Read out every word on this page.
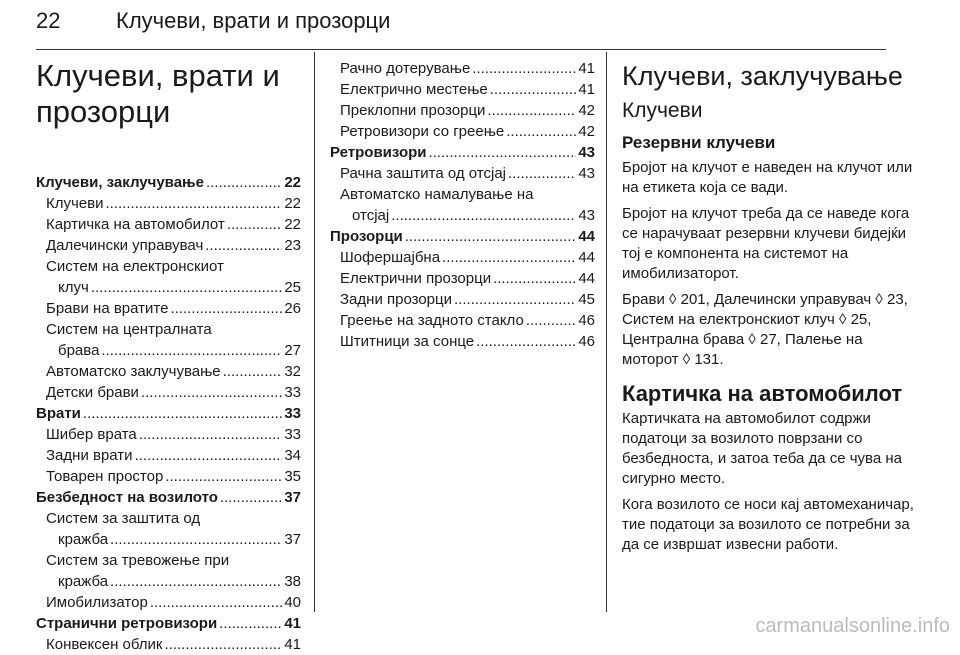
22	Клучеви, врати и прозорци
Клучеви, врати и
прозорци
Клучеви, заклучување .....	22
Клучеви .....	22
Картичка на автомобилот .....	22
Далечински управувач .....	23
Систем на електронскиот
клуч .....	25
Брави на вратите .....	26
Систем на централната
брава .....	27
Автоматско заклучување .....	32
Детски брави .....	33
Врати .....	33
Шибер врата .....	33
Задни врати .....	34
Товарен простор .....	35
Безбедност на возилото .....	37
Систем за заштита од
кражба .....	37
Систем за тревожење при
кражба .....	38
Имобилизатор .....	40
Странични ретровизори .....	41
Конвексен облик .....	41
Рачно дотерување .....	41
Електрично местење .....	41
Преклопни прозорци .....	42
Ретровизори со греење .....	42
Ретровизори .....	43
Рачна заштита од отсјај .....	43
Автоматско намалување на
отсјај .....	43
Прозорци .....	44
Шофершајбна .....	44
Електрични прозорци .....	44
Задни прозорци .....	45
Греење на задното стакло .....	46
Штитници за сонце .....	46
Клучеви, заклучување
Клучеви
Резервни клучеви

Бројот на клучот е наведен на клучот или на етикета која се вади.

Бројот на клучот треба да се наведе кога се нарачуваат резервни клучеви бидејќи тој е компонента на системот на имобилизаторот.

Брави ◊ 201, Далечински управувач ◊ 23, Систем на електронскиот клуч ◊ 25, Централна брава ◊ 27, Палење на моторот ◊ 131.

Картичка на автомобилот

Картичката на автомобилот содржи податоци за возилото поврзани со безбедноста, и затоа теба да се чува на сигурно место.

Кога возилото се носи кај автомеханичар, тие податоци за возилото се потребни за да се извршат извесни работи.

carmanualsonline.info
